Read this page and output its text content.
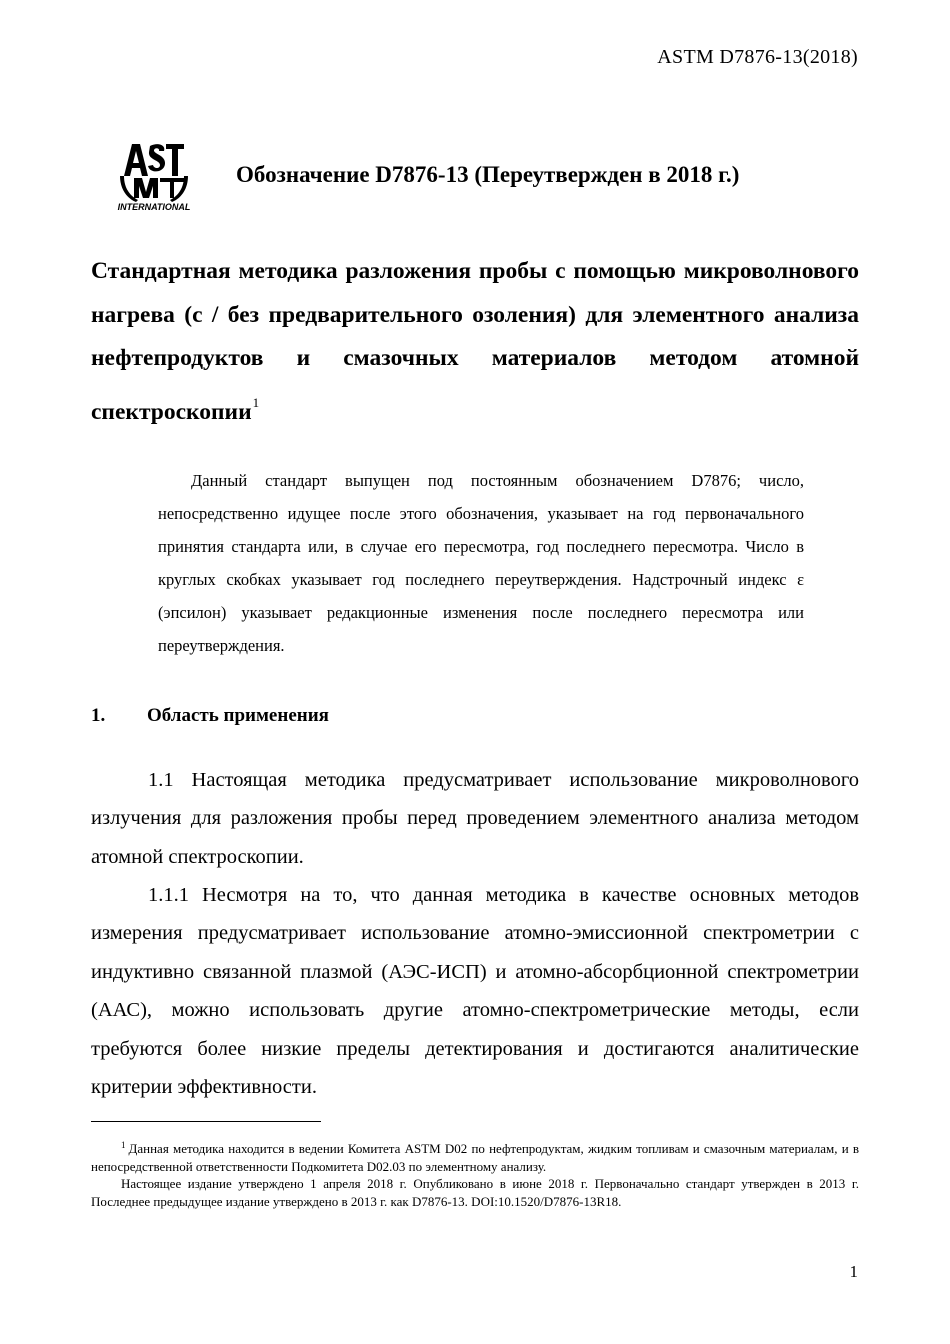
ASTM D7876-13(2018)
INTERNATIONAL
Обозначение D7876-13 (Переутвержден в 2018 г.)
Стандартная методика разложения пробы с помощью микроволнового нагрева (с / без предварительного озоления) для элементного анализа нефтепродуктов и смазочных материалов методом атомной спектроскопии$^1$
Данный стандарт выпущен под постоянным обозначением D7876; число, непосредственно идущее после этого обозначения, указывает на год первоначального принятия стандарта или, в случае его пересмотра, год последнего пересмотра. Число в круглых скобках указывает год последнего переутверждения. Надстрочный индекс ε (эпсилон) указывает редакционные изменения после последнего пересмотра или переутверждения.
1. Область применения
1.1 Настоящая методика предусматривает использование микроволнового излучения для разложения пробы перед проведением элементного анализа методом атомной спектроскопии.
1.1.1 Несмотря на то, что данная методика в качестве основных методов измерения предусматривает использование атомно-эмиссионной спектрометрии с индуктивно связанной плазмой (АЭС-ИСП) и атомно-абсорбционной спектрометрии (ААС), можно использовать другие атомно-спектрометрические методы, если требуются более низкие пределы детектирования и достигаются аналитические критерии эффективности.
$^1$ Данная методика находится в ведении Комитета ASTM D02 по нефтепродуктам, жидким топливам и смазочным материалам, и в непосредственной ответственности Подкомитета D02.03 по элементному анализу.
Настоящее издание утверждено 1 апреля 2018 г. Опубликовано в июне 2018 г. Первоначально стандарт утвержден в 2013 г. Последнее предыдущее издание утверждено в 2013 г. как D7876-13. DOI:10.1520/D7876-13R18.
1
